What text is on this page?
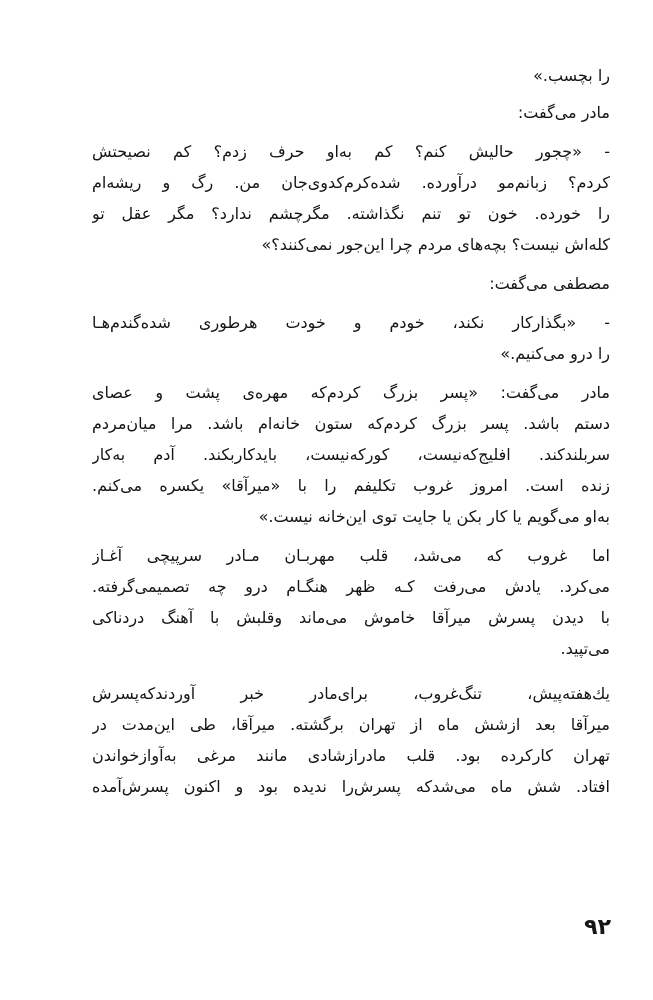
را بچسب.»
مادر می‌گفت:
- «چجور حالیش کنم؟ کم به‌او حرف زدم؟ کم نصیحتش
کردم؟ زبانم‌مو درآورده. شده‌کرم‌کدوی‌جان من. رگ و ریشه‌ام
را خورده. خون تو تنم نگذاشته. مگرچشم ندارد؟ مگر عقل تو
کله‌اش نیست؟ بچه‌های مردم چرا این‌جور نمی‌کنند؟»
مصطفی می‌گفت:
- «بگذارکار نکند، خودم و خودت هرطوری شده‌گندم‌هـا
را درو می‌کنیم.»
مادر می‌گفت: «پسر بزرگ کردم‌که مهره‌ی پشت و عصای
دستم باشد. پسر بزرگ کردم‌که ستون خانه‌ام باشد. مرا میان‌مردم
سربلندکند. افلیج‌که‌نیست، کورکه‌نیست، بایدکاربکند. آدم به‌کار
زنده است. امروز غروب تکلیفم را با «میرآقا» یکسره می‌کنم.
به‌او می‌گویم یا کار بکن یا جایت توی این‌خانه نیست.»
اما غروب که می‌شد، قلب مهربـان مـادر سرپیچی آغـاز
می‌کرد. یادش می‌رفت کـه ظهر هنگـام درو چه تصمیمی‌گرفته.
با دیدن پسرش میرآقا خاموش می‌ماند وقلبش با آهنگ دردناکی
می‌تپید.
یك‌هفته‌پیش، تنگ‌غروب، برای‌مادر خبر آوردندکه‌پسرش
میرآقا بعد ازشش ماه از تهران برگشته. میرآقا، طی این‌مدت در
تهران کارکرده بود. قلب مادرازشادی مانند مرغی به‌آوازخواندن
افتاد. شش ماه می‌شدکه پسرش‌را ندیده بود و اکنون پسرش‌آمده
۹۲
